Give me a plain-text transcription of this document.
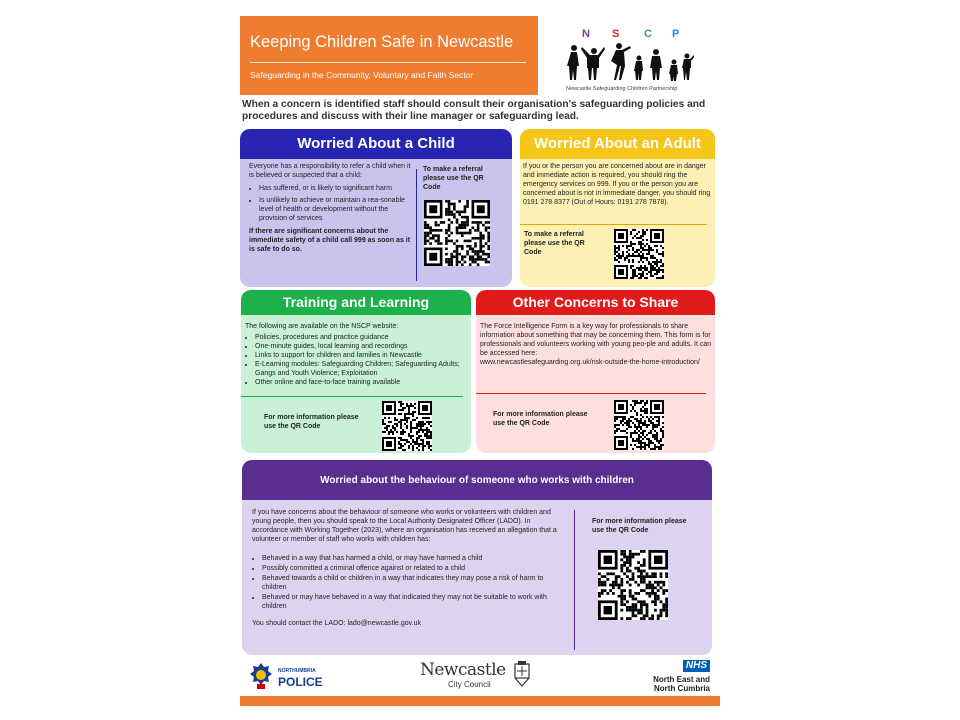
Keeping Children Safe in Newcastle
Safeguarding in the Community, Voluntary and Faith Sector
N S C P
Newcastle Safeguarding Children Partnership
When a concern is identified staff should consult their organisation's safeguarding policies and procedures and discuss with their line manager or safeguarding lead.
Worried About a Child
Everyone has a responsibility to refer a child when it is believed or suspected that a child:
• Has suffered, or is likely to significant harm
• Is unlikely to achieve or maintain a rea-sonable level of health or development without the provision of services
If there are significant concerns about the immediate safety of a child call 999 as soon as it is safe to do so.
To make a referral please use the QR Code
Worried About an Adult
If you or the person you are concerned about are in danger and immediate action is required, you should ring the emergency services on 999. If you or the person you are concerned about is not in immediate danger, you should ring 0191 278 8377 (Out of Hours: 0191 278 7878).
To make a referral please use the QR Code
Training and Learning
The following are available on the NSCP website:
• Policies, procedures and practice guidance
• One-minute guides, local learning and recordings
• Links to support for children and families in Newcastle
• E-Learning modules: Safeguarding Children; Safeguarding Adults; Gangs and Youth Violence; Exploitation
• Other online and face-to-face training available
For more information please use the QR Code
Other Concerns to Share
The Force Intelligence Form is a key way for professionals to share information about something that may be concerning them. This form is for professionals and volunteers working with young peo-ple and adults. It can be accessed here:
www.newcastlesafeguarding.org.uk/risk-outside-the-home-introduction/
For more information please use the QR Code
Worried about the behaviour of someone who works with children
If you have concerns about the behaviour of someone who works or volunteers with children and young people, then you should speak to the Local Authority Designated Officer (LADO). In accordance with Working Together (2023), where an organisation has received an allegation that a volunteer or member of staff who works with children has:
• Behaved in a way that has harmed a child, or may have harmed a child
• Possibly committed a criminal offence against or related to a child
• Behaved towards a child or children in a way that indicates they may pose a risk of harm to children
• Behaved or may have behaved in a way that indicated they may not be suitable to work with children
You should contact the LADO: lado@newcastle.gov.uk
For more information please use the QR Code
NORTHUMBRIA
POLICE
Newcastle
City Council
NHS
North East and
North Cumbria
